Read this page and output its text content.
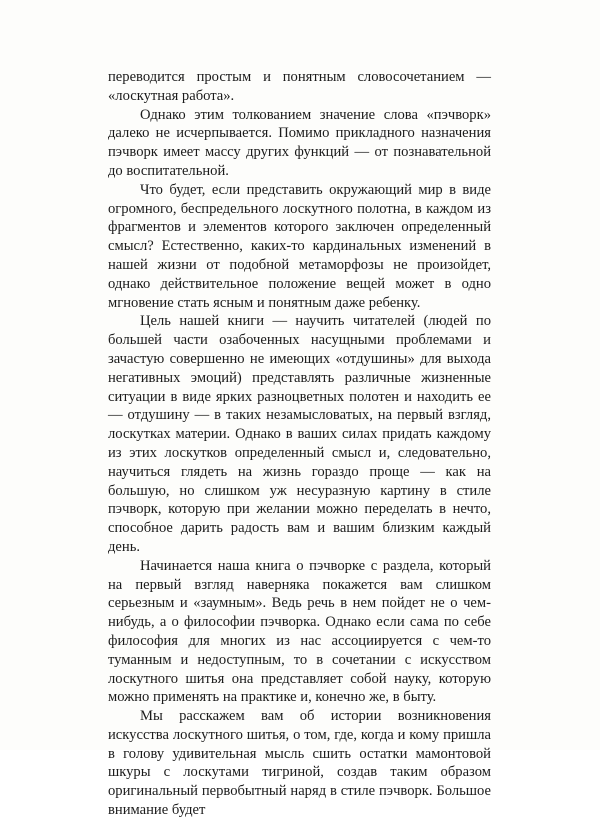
переводится простым и понятным словосочетанием — «лоскутная работа».

Однако этим толкованием значение слова «пэчворк» далеко не исчерпывается. Помимо прикладного назначения пэчворк имеет массу других функций — от познавательной до воспитательной.

Что будет, если представить окружающий мир в виде огромного, беспредельного лоскутного полотна, в каждом из фрагментов и элементов которого заключен определенный смысл? Естественно, каких-то кардинальных изменений в нашей жизни от подобной метаморфозы не произойдет, однако действительное положение вещей может в одно мгновение стать ясным и понятным даже ребенку.

Цель нашей книги — научить читателей (людей по большей части озабоченных насущными проблемами и зачастую совершенно не имеющих «отдушины» для выхода негативных эмоций) представлять различные жизненные ситуации в виде ярких разноцветных полотен и находить ее — отдушину — в таких незамысловатых, на первый взгляд, лоскутках материи. Однако в ваших силах придать каждому из этих лоскутков определенный смысл и, следовательно, научиться глядеть на жизнь гораздо проще — как на большую, но слишком уж несуразную картину в стиле пэчворк, которую при желании можно переделать в нечто, способное дарить радость вам и вашим близким каждый день.

Начинается наша книга о пэчворке с раздела, который на первый взгляд наверняка покажется вам слишком серьезным и «заумным». Ведь речь в нем пойдет не о чем-нибудь, а о философии пэчворка. Однако если сама по себе философия для многих из нас ассоциируется с чем-то туманным и недоступным, то в сочетании с искусством лоскутного шитья она представляет собой науку, которую можно применять на практике и, конечно же, в быту.

Мы расскажем вам об истории возникновения искусства лоскутного шитья, о том, где, когда и кому пришла в голову удивительная мысль сшить остатки мамонтовой шкуры с лоскутами тигриной, создав таким образом оригинальный первобытный наряд в стиле пэчворк. Большое внимание будет
